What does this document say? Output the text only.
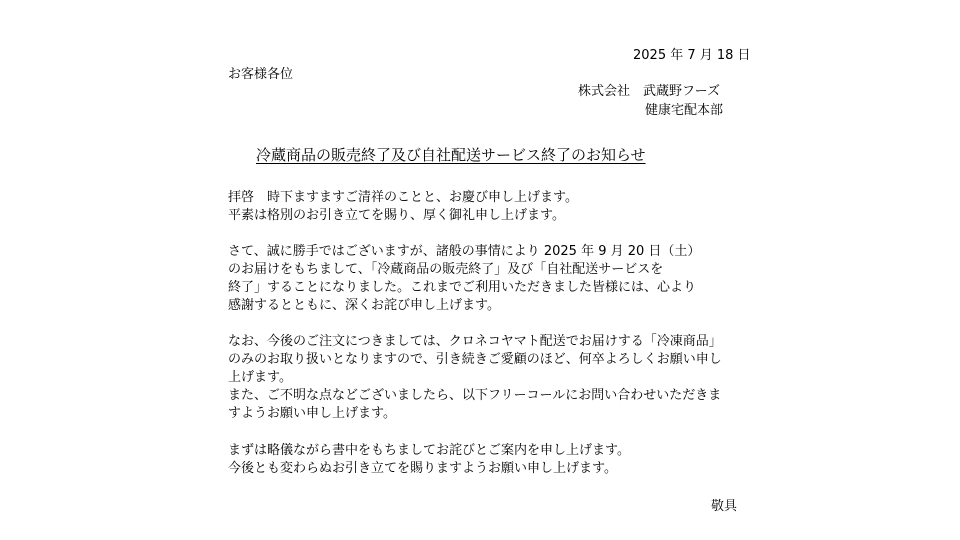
2025 年 7 月 18 日
お客様各位
株式会社　武蔵野フーズ
健康宅配本部
冷蔵商品の販売終了及び自社配送サービス終了のお知らせ

拝啓　時下ますますご清祥のことと、お慶び申し上げます。

平素は格別のお引き立てを賜り、厚く御礼申し上げます。

さて、誠に勝手ではございますが、諸般の事情により 2025 年 9 月 20 日（土）

のお届けをもちまして、「冷蔵商品の販売終了」及び「自社配送サービスを

終了」することになりました。これまでご利用いただきました皆様には、心より

感謝するとともに、深くお詫び申し上げます。

なお、今後のご注文につきましては、クロネコヤマト配送でお届けする「冷凍商品」

のみのお取り扱いとなりますので、引き続きご愛顧のほど、何卒よろしくお願い申し

上げます。

また、ご不明な点などございましたら、以下フリーコールにお問い合わせいただきま

すようお願い申し上げます。

まずは略儀ながら書中をもちましてお詫びとご案内を申し上げます。

今後とも変わらぬお引き立てを賜りますようお願い申し上げます。

敬具
